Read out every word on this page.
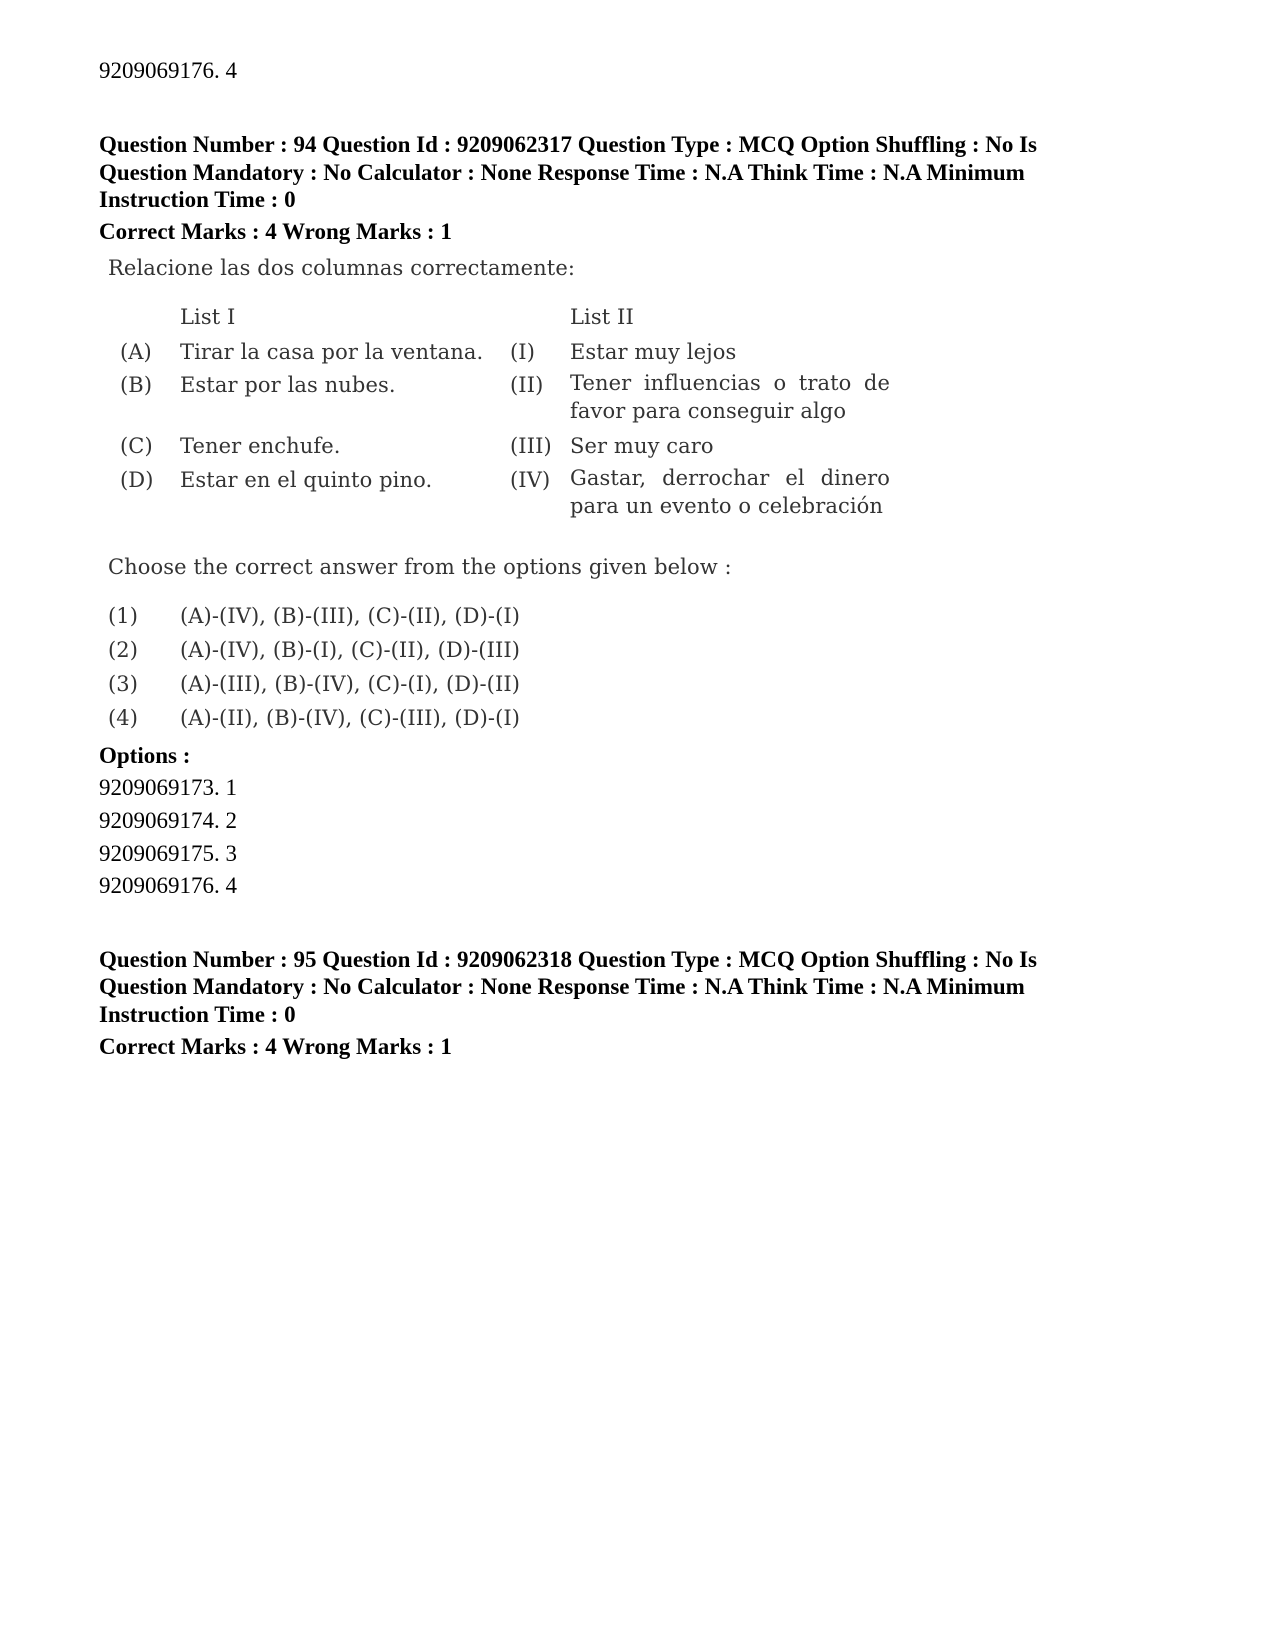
9209069176. 4
Question Number : 94 Question Id : 9209062317 Question Type : MCQ Option Shuffling : No Is
Question Mandatory : No Calculator : None Response Time : N.A Think Time : N.A Minimum
Instruction Time : 0
Correct Marks : 4 Wrong Marks : 1
Relacione las dos columnas correctamente:
List I	List II
(A) Tirar la casa por la ventana.
(B) Estar por las nubes.
(C) Tener enchufe.
(D) Estar en el quinto pino.
(I) Estar muy lejos
(II) Tener influencias o trato de favor para conseguir algo
(III) Ser muy caro
(IV) Gastar, derrochar el dinero para un evento o celebración
Choose the correct answer from the options given below :
(1) (A)-(IV), (B)-(III), (C)-(II), (D)-(I)
(2) (A)-(IV), (B)-(I), (C)-(II), (D)-(III)
(3) (A)-(III), (B)-(IV), (C)-(I), (D)-(II)
(4) (A)-(II), (B)-(IV), (C)-(III), (D)-(I)
Options :
9209069173. 1
9209069174. 2
9209069175. 3
9209069176. 4
Question Number : 95 Question Id : 9209062318 Question Type : MCQ Option Shuffling : No Is
Question Mandatory : No Calculator : None Response Time : N.A Think Time : N.A Minimum
Instruction Time : 0
Correct Marks : 4 Wrong Marks : 1
